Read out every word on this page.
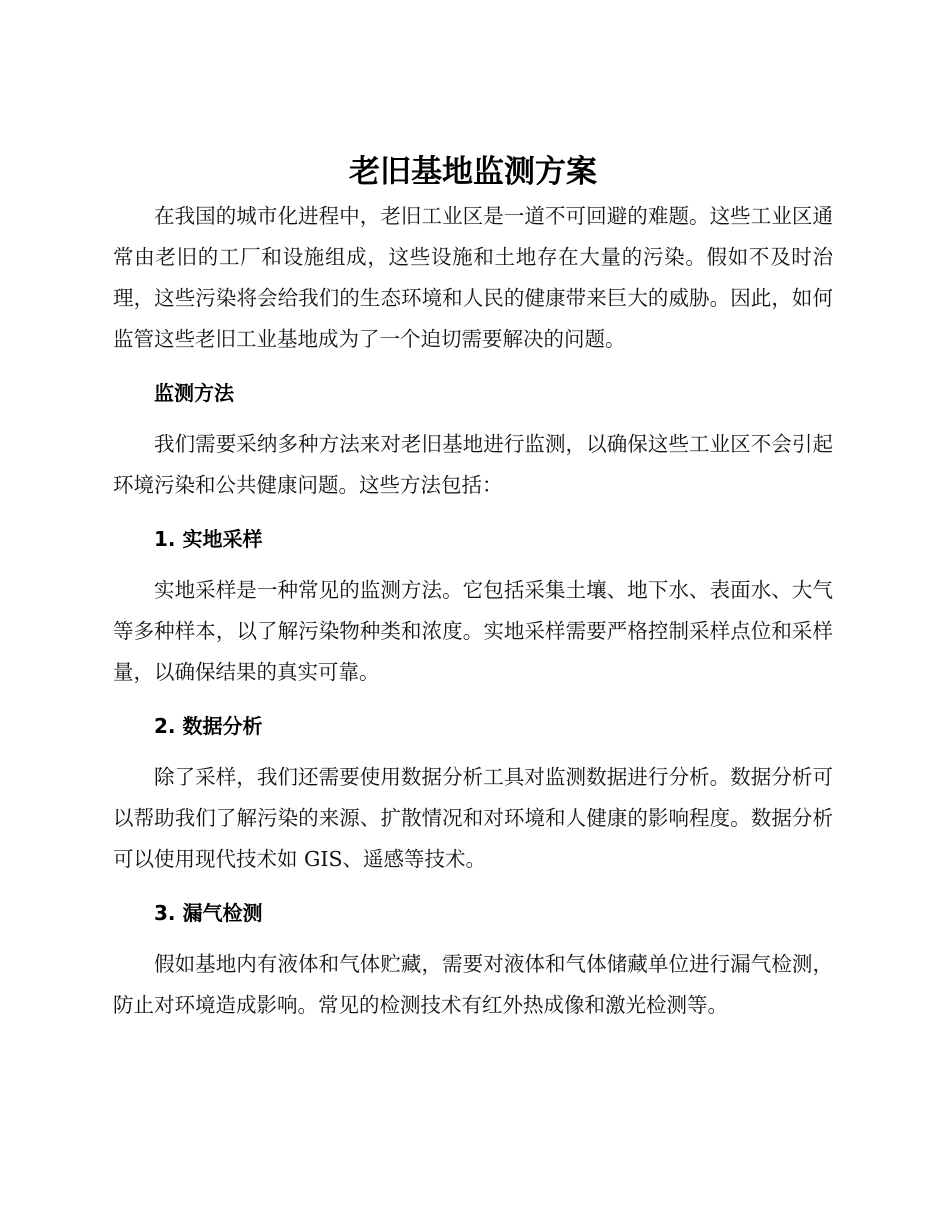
老旧基地监测方案

在我国的城市化进程中，老旧工业区是一道不可回避的难题。这些工业区通常由老旧的工厂和设施组成，这些设施和土地存在大量的污染。假如不及时治理，这些污染将会给我们的生态环境和人民的健康带来巨大的威胁。因此，如何监管这些老旧工业基地成为了一个迫切需要解决的问题。

监测方法

我们需要采纳多种方法来对老旧基地进行监测，以确保这些工业区不会引起环境污染和公共健康问题。这些方法包括：

1. 实地采样

实地采样是一种常见的监测方法。它包括采集土壤、地下水、表面水、大气等多种样本，以了解污染物种类和浓度。实地采样需要严格控制采样点位和采样量，以确保结果的真实可靠。

2. 数据分析

除了采样，我们还需要使用数据分析工具对监测数据进行分析。数据分析可以帮助我们了解污染的来源、扩散情况和对环境和人健康的影响程度。数据分析可以使用现代技术如 GIS、遥感等技术。

3. 漏气检测

假如基地内有液体和气体贮藏，需要对液体和气体储藏单位进行漏气检测，防止对环境造成影响。常见的检测技术有红外热成像和激光检测等。
